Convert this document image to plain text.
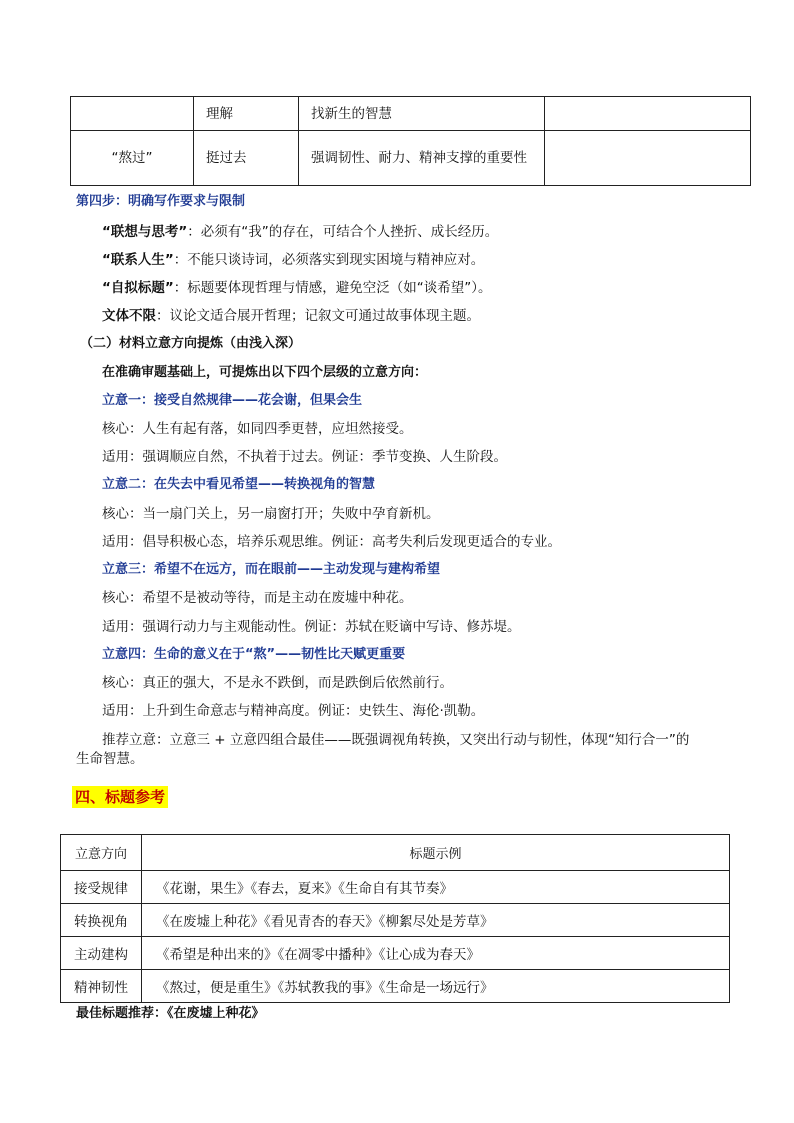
	理解	找新生的智慧	
“熬过”	挺过去	强调韧性、耐力、精神支撑的重要性	
第四步：明确写作要求与限制
“联想与思考”：必须有“我”的存在，可结合个人挫折、成长经历。
“联系人生”：不能只谈诗词，必须落实到现实困境与精神应对。
“自拟标题”：标题要体现哲理与情感，避免空泛（如“谈希望”）。
文体不限：议论文适合展开哲理；记叙文可通过故事体现主题。
（二）材料立意方向提炼（由浅入深）
在准确审题基础上，可提炼出以下四个层级的立意方向：
立意一：接受自然规律——花会谢，但果会生
核心：人生有起有落，如同四季更替，应坦然接受。
适用：强调顺应自然，不执着于过去。例证：季节变换、人生阶段。
立意二：在失去中看见希望——转换视角的智慧
核心：当一扇门关上，另一扇窗打开；失败中孕育新机。
适用：倡导积极心态，培养乐观思维。例证：高考失利后发现更适合的专业。
立意三：希望不在远方，而在眼前——主动发现与建构希望
核心：希望不是被动等待，而是主动在废墟中种花。
适用：强调行动力与主观能动性。例证：苏轼在贬谪中写诗、修苏堤。
立意四：生命的意义在于“熬”——韧性比天赋更重要
核心：真正的强大，不是永不跌倒，而是跌倒后依然前行。
适用：上升到生命意志与精神高度。例证：史铁生、海伦·凯勒。
推荐立意：立意三 + 立意四组合最佳——既强调视角转换，又突出行动与韧性，体现“知行合一”的
生命智慧。
四、标题参考
立意方向	标题示例
接受规律	《花谢，果生》《春去，夏来》《生命自有其节奏》
转换视角	《在废墟上种花》《看见青杏的春天》《柳絮尽处是芳草》
主动建构	《希望是种出来的》《在凋零中播种》《让心成为春天》
精神韧性	《熬过，便是重生》《苏轼教我的事》《生命是一场远行》
最佳标题推荐：《在废墟上种花》
